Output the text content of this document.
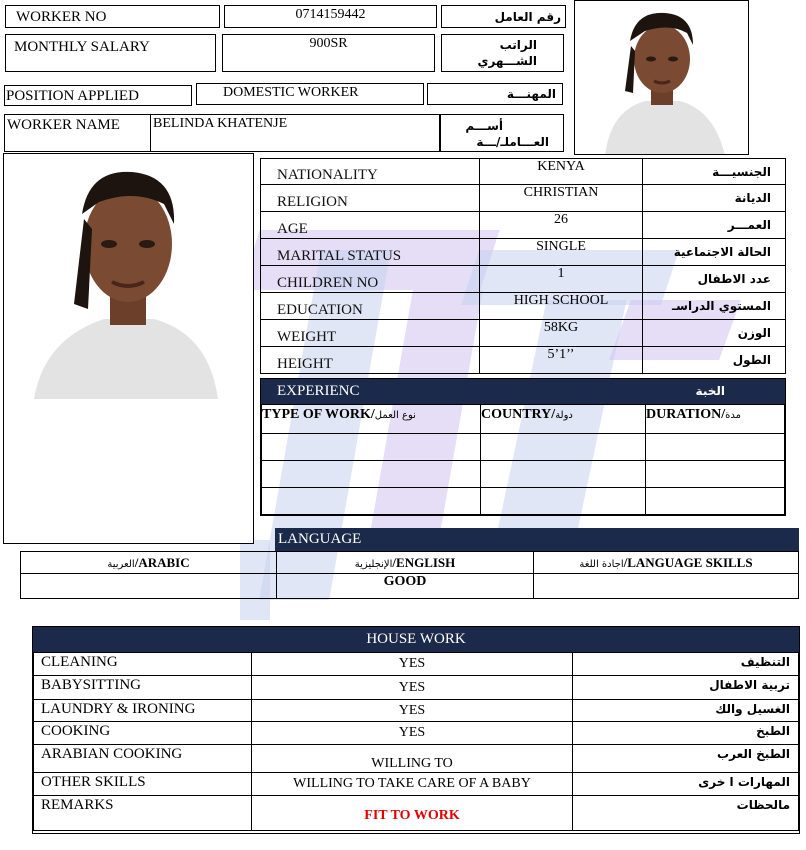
WORKER NO	0714159442	رقم العامل
MONTHLY SALARY	900SR	الراتب
الشـــهري
POSITION APPLIED	DOMESTIC WORKER	المهنـــة
WORKER NAME BELINDA KHATENJE	أســـم
العـــاملـ/ـــة
NATIONALITY	KENYA	الجنسيـــة

RELIGION	CHRISTIAN	الديانة

AGE	26	العمـــر

MARITAL STATUS	SINGLE	الحالة الاجتماعية

CHILDREN NO	1	عدد الاطفال

EDUCATION	HIGH SCHOOL	المستوي الدراسـ

WEIGHT	58KG	الوزن

HEIGHT	5’1’’	الطول
EXPERIENC	الخبة
TYPE OF WORK/نوع العمل	COUNTRY/دولة	DURATION/مدة

LANGUAGE
العربية/ARABIC	الإنجليزية/ENGLISH	اجادة اللغة/LANGUAGE SKILLS
	GOOD	
HOUSE WORK
CLEANING	YES	التنظيف

BABYSITTING	YES	تربية الاطفال

LAUNDRY & IRONING	YES	الغسيل والك

COOKING	YES	الطبخ

ARABIAN COOKING	WILLING TO	الطبخ العرب

OTHER SKILLS	WILLING TO TAKE CARE OF A BABY	المهارات ا خرى

REMARKS	FIT TO WORK	مالحظات
